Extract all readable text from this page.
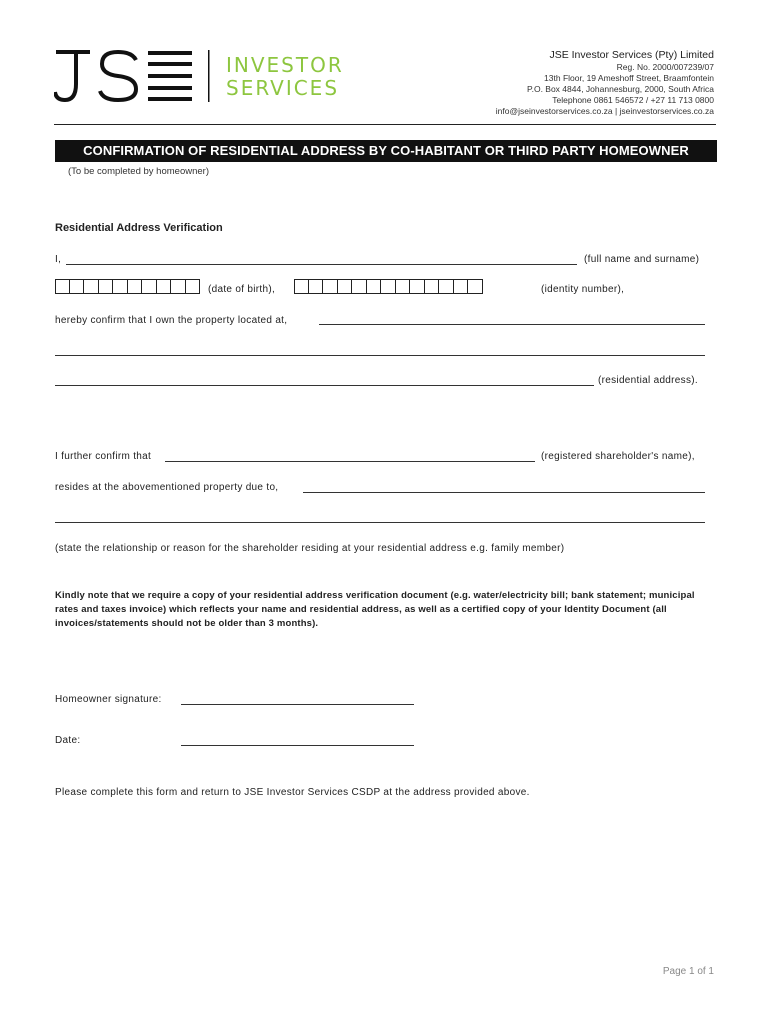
INVESTOR
SERVICES
JSE Investor Services (Pty) Limited
Reg. No. 2000/007239/07
13th Floor, 19 Ameshoff Street, Braamfontein
P.O. Box 4844, Johannesburg, 2000, South Africa
Telephone 0861 546572 / +27 11 713 0800
info@jseinvestorservices.co.za | jseinvestorservices.co.za
CONFIRMATION OF RESIDENTIAL ADDRESS BY CO-HABITANT OR THIRD PARTY HOMEOWNER
(To be completed by homeowner)
Residential Address Verification
I,	(full name and surname)
(date of birth),	(identity number),
hereby confirm that I own the property located at,
(residential address).
I further confirm that	(registered shareholder's name),
resides at the abovementioned property due to,
(state the relationship or reason for the shareholder residing at your residential address e.g. family member)
Kindly note that we require a copy of your residential address verification document (e.g. water/electricity bill; bank statement; municipal rates and taxes invoice) which reflects your name and residential address, as well as a certified copy of your Identity Document (all invoices/statements should not be older than 3 months).
Homeowner signature:
Date:
Please complete this form and return to JSE Investor Services CSDP at the address provided above.
Page 1 of 1
